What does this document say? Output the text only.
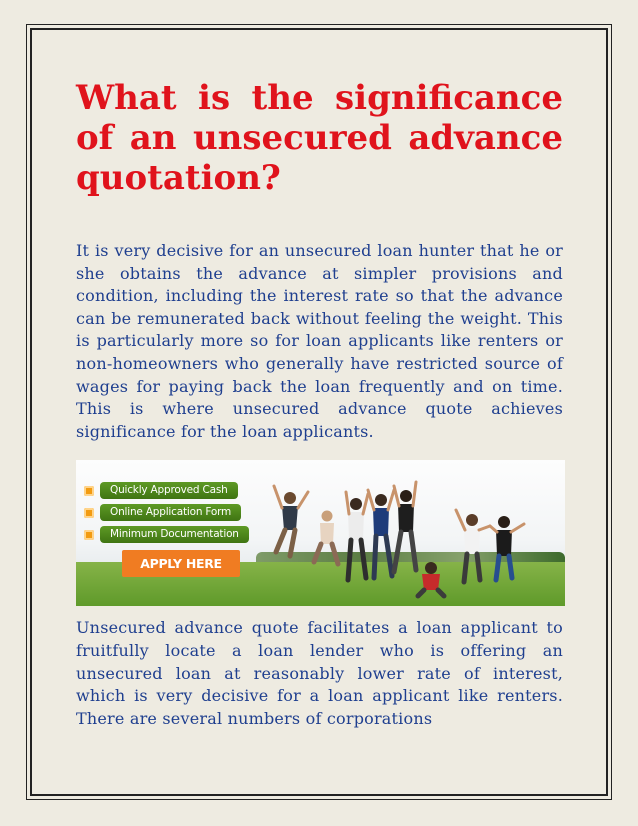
What is the significance of an unsecured advance quotation?

It is very decisive for an unsecured loan hunter that he or she obtains the advance at simpler provisions and condition, including the interest rate so that the advance can be remunerated back without feeling the weight. This is particularly more so for loan applicants like renters or non-homeowners who generally have restricted source of wages for paying back the loan frequently and on time. This is where unsecured advance quote achieves significance for the loan applicants.

Quickly Approved Cash
Online Application Form
Minimum Documentation
APPLY HERE

Unsecured advance quote facilitates a loan applicant to fruitfully locate a loan lender who is offering an unsecured loan at reasonably lower rate of interest, which is very decisive for a loan applicant like renters. There are several numbers of corporations
